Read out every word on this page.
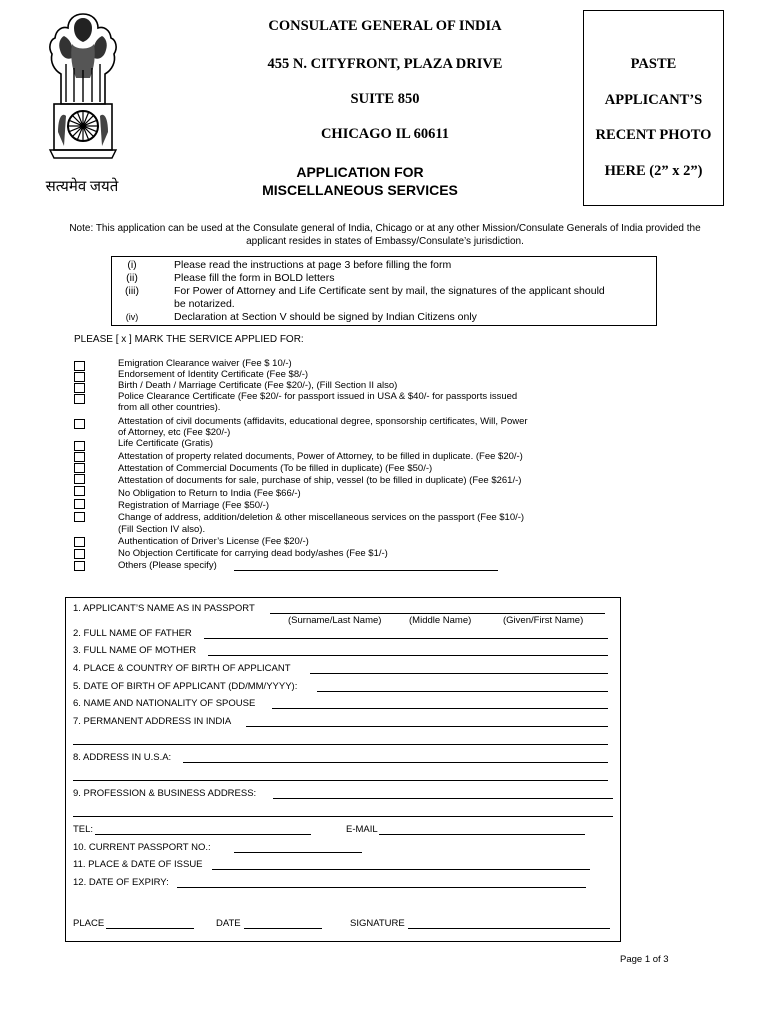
सत्यमेव जयते
CONSULATE GENERAL OF INDIA
455 N. CITYFRONT, PLAZA DRIVE
SUITE 850
CHICAGO IL 60611
APPLICATION FOR
MISCELLANEOUS SERVICES
PASTE
APPLICANT’S
RECENT PHOTO
HERE (2” x 2”)
Note: This application can be used at the Consulate general of India, Chicago or at any other Mission/Consulate Generals of India provided the
applicant resides in states of Embassy/Consulate’s jurisdiction.
(i)	Please read the instructions at page 3 before filling the form
(ii)	Please fill the form in BOLD letters
(iii)	For Power of Attorney and Life Certificate sent by mail, the signatures of the applicant should
be notarized.
(iv)	Declaration at Section V should be signed by Indian Citizens only
PLEASE [ x ] MARK THE SERVICE APPLIED FOR:
Emigration Clearance waiver (Fee $ 10/-)
Endorsement of Identity Certificate (Fee $8/-)
Birth / Death / Marriage Certificate (Fee $20/-), (Fill Section II also)
Police Clearance Certificate (Fee $20/- for passport issued in USA & $40/- for passports issued
from all other countries).
Attestation of civil documents (affidavits, educational degree, sponsorship certificates, Will, Power
of Attorney, etc (Fee $20/-)
Life Certificate (Gratis)
Attestation of property related documents, Power of Attorney, to be filled in duplicate. (Fee $20/-)
Attestation of Commercial Documents (To be filled in duplicate) (Fee $50/-)
Attestation of documents for sale, purchase of ship, vessel (to be filled in duplicate) (Fee $261/-)
No Obligation to Return to India (Fee $66/-)
Registration of Marriage (Fee $50/-)
Change of address, addition/deletion & other miscellaneous services on the passport (Fee $10/-)
(Fill Section IV also).
Authentication of Driver’s License (Fee $20/-)
No Objection Certificate for carrying dead body/ashes (Fee $1/-)
Others (Please specify)
1. APPLICANT’S NAME AS IN PASSPORT
(Surname/Last Name)	(Middle Name)	(Given/First Name)
2. FULL NAME OF FATHER
3. FULL NAME OF MOTHER
4. PLACE & COUNTRY OF BIRTH OF APPLICANT
5. DATE OF BIRTH OF APPLICANT (DD/MM/YYYY):
6. NAME AND NATIONALITY OF SPOUSE
7. PERMANENT ADDRESS IN INDIA
8. ADDRESS IN U.S.A:
9. PROFESSION & BUSINESS ADDRESS:
TEL:	E-MAIL
10. CURRENT PASSPORT NO.:
11. PLACE & DATE OF ISSUE
12. DATE OF EXPIRY:
PLACE	DATE	SIGNATURE
Page 1 of 3
